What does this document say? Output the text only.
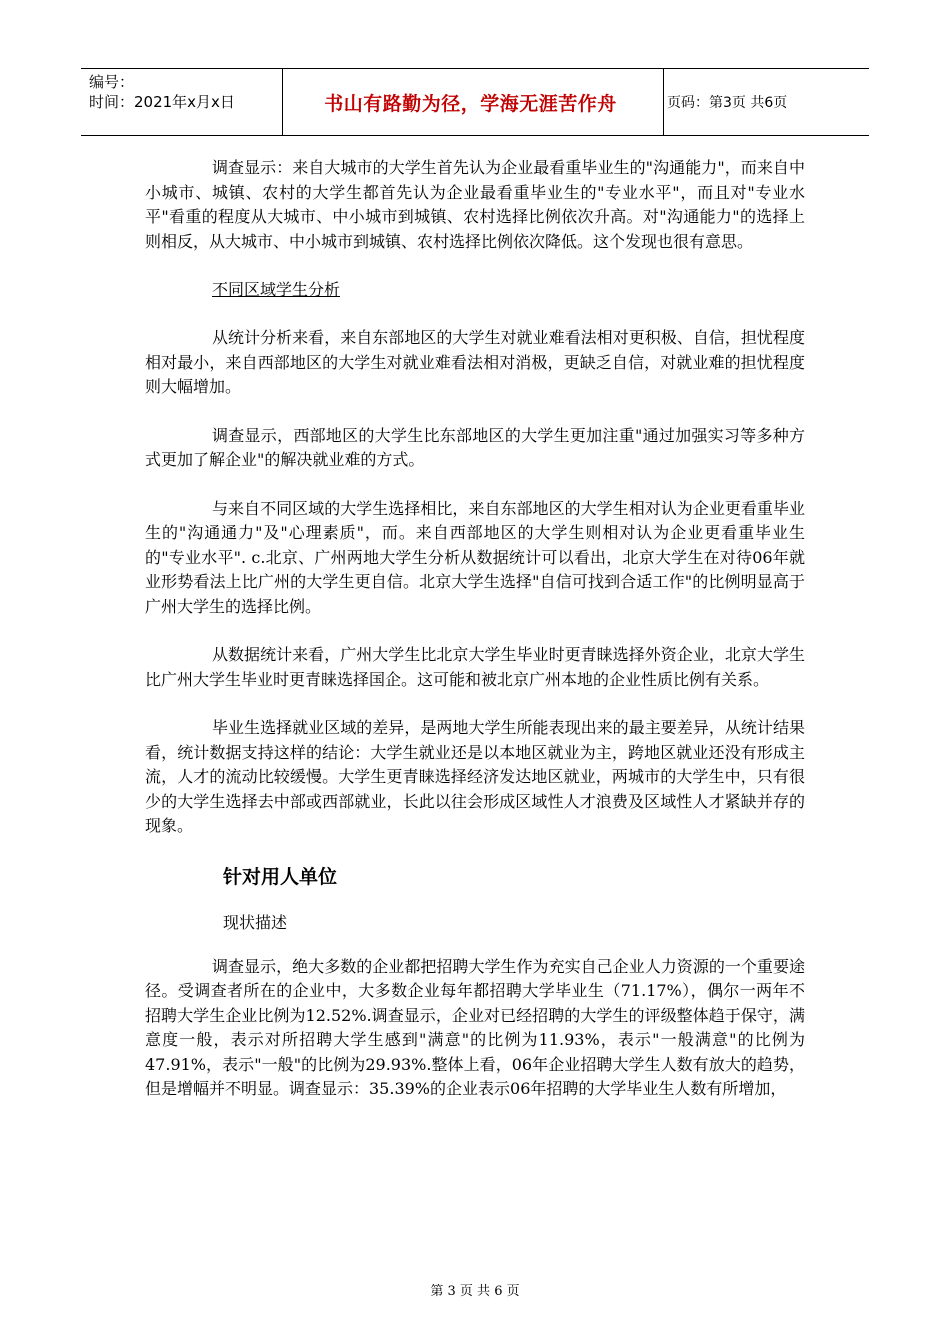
编号：
时间：2021年x月x日	书山有路勤为径，学海无涯苦作舟	页码：第3页 共6页

调查显示：来自大城市的大学生首先认为企业最看重毕业生的"沟通能力"，而来自中小城市、城镇、农村的大学生都首先认为企业最看重毕业生的"专业水平"，而且对"专业水平"看重的程度从大城市、中小城市到城镇、农村选择比例依次升高。对"沟通能力"的选择上则相反，从大城市、中小城市到城镇、农村选择比例依次降低。这个发现也很有意思。

不同区域学生分析

从统计分析来看，来自东部地区的大学生对就业难看法相对更积极、自信，担忧程度相对最小，来自西部地区的大学生对就业难看法相对消极，更缺乏自信，对就业难的担忧程度则大幅增加。

调查显示，西部地区的大学生比东部地区的大学生更加注重"通过加强实习等多种方式更加了解企业"的解决就业难的方式。

与来自不同区域的大学生选择相比，来自东部地区的大学生相对认为企业更看重毕业生的"沟通通力"及"心理素质"，而。来自西部地区的大学生则相对认为企业更看重毕业生的"专业水平". c.北京、广州两地大学生分析从数据统计可以看出，北京大学生在对待06年就业形势看法上比广州的大学生更自信。北京大学生选择"自信可找到合适工作"的比例明显高于广州大学生的选择比例。

从数据统计来看，广州大学生比北京大学生毕业时更青睐选择外资企业，北京大学生比广州大学生毕业时更青睐选择国企。这可能和被北京广州本地的企业性质比例有关系。

毕业生选择就业区域的差异，是两地大学生所能表现出来的最主要差异，从统计结果看，统计数据支持这样的结论：大学生就业还是以本地区就业为主，跨地区就业还没有形成主流，人才的流动比较缓慢。大学生更青睐选择经济发达地区就业，两城市的大学生中，只有很少的大学生选择去中部或西部就业，长此以往会形成区域性人才浪费及区域性人才紧缺并存的现象。

针对用人单位
现状描述

调查显示，绝大多数的企业都把招聘大学生作为充实自己企业人力资源的一个重要途径。受调查者所在的企业中，大多数企业每年都招聘大学毕业生（71.17%），偶尔一两年不招聘大学生企业比例为12.52%.调查显示，企业对已经招聘的大学生的评级整体趋于保守，满意度一般，表示对所招聘大学生感到"满意"的比例为11.93%，表示"一般满意"的比例为47.91%，表示"一般"的比例为29.93%.整体上看，06年企业招聘大学生人数有放大的趋势，但是增幅并不明显。调查显示：35.39%的企业表示06年招聘的大学毕业生人数有所增加，

第 3 页 共 6 页
